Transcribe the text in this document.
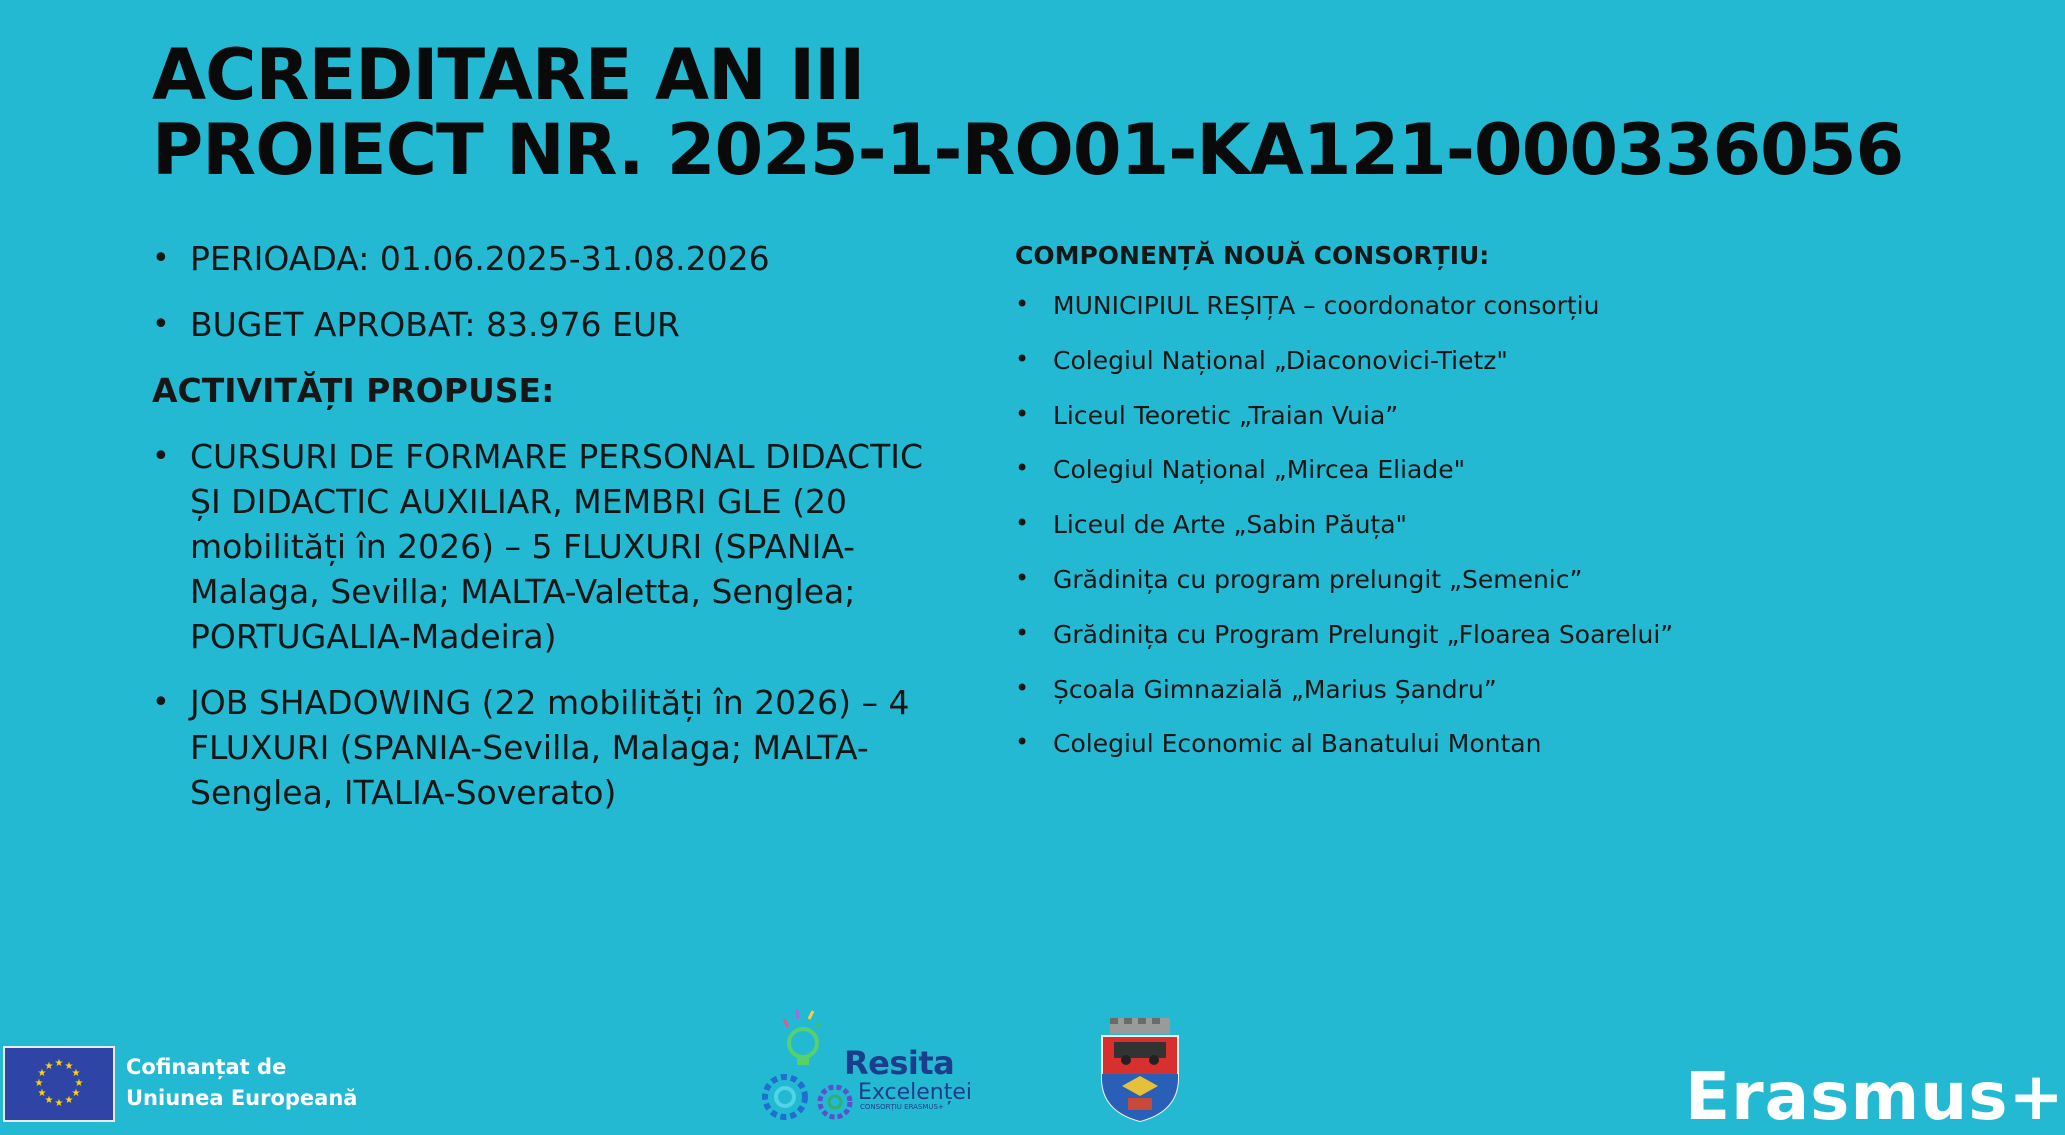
ACREDITARE AN III
PROIECT NR. 2025-1-RO01-KA121-000336056
• PERIOADA: 01.06.2025-31.08.2026
• BUGET APROBAT: 83.976 EUR
ACTIVITĂȚI PROPUSE:
• CURSURI DE FORMARE PERSONAL DIDACTIC ȘI DIDACTIC AUXILIAR, MEMBRI GLE (20 mobilități în 2026) – 5 FLUXURI (SPANIA-Malaga, Sevilla; MALTA-Valetta, Senglea; PORTUGALIA-Madeira)
• JOB SHADOWING (22 mobilități în 2026) – 4 FLUXURI (SPANIA-Sevilla, Malaga; MALTA-Senglea, ITALIA-Soverato)
COMPONENȚĂ NOUĂ CONSORȚIU:
• MUNICIPIUL REȘIȚA – coordonator consorțiu
• Colegiul Național „Diaconovici-Tietz"
• Liceul Teoretic „Traian Vuia”
• Colegiul Național „Mircea Eliade"
• Liceul de Arte „Sabin Păuța"
• Grădinița cu program prelungit „Semenic”
• Grădinița cu Program Prelungit „Floarea Soarelui”
• Școala Gimnazială „Marius Șandru”
• Colegiul Economic al Banatului Montan
★ ★
★
★
★
★
★
★
★
★
★
★	Cofinanțat de
Uniunea Europeană
Resita
Excelenței
CONSORȚIU ERASMUS+	Erasmus+
